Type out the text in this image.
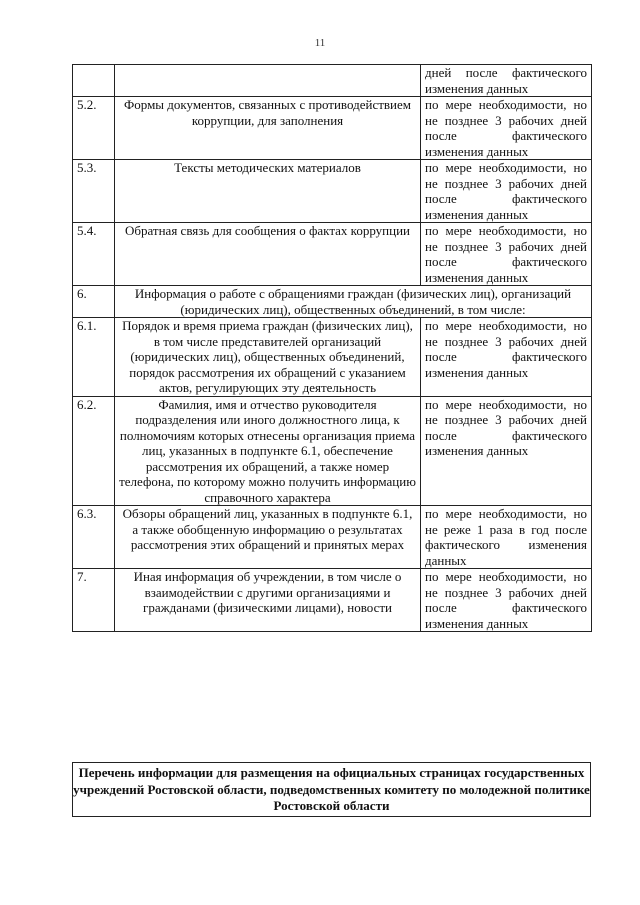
11
		дней после фактического изменения данных
5.2.	Формы документов, связанных с противодействием коррупции, для заполнения	по мере необходимости, но не позднее 3 рабочих дней после фактического изменения данных
5.3.	Тексты методических материалов	по мере необходимости, но не позднее 3 рабочих дней после фактического изменения данных
5.4.	Обратная связь для сообщения о фактах коррупции	по мере необходимости, но не позднее 3 рабочих дней после фактического изменения данных
6.	Информация о работе с обращениями граждан (физических лиц), организаций (юридических лиц), общественных объединений, в том числе:	
6.1.	Порядок и время приема граждан (физических лиц), в том числе представителей организаций (юридических лиц), общественных объединений, порядок рассмотрения их обращений с указанием актов, регулирующих эту деятельность	по мере необходимости, но не позднее 3 рабочих дней после фактического изменения данных
6.2.	Фамилия, имя и отчество руководителя подразделения или иного должностного лица, к полномочиям которых отнесены организация приема лиц, указанных в подпункте 6.1, обеспечение рассмотрения их обращений, а также номер телефона, по которому можно получить информацию справочного характера	по мере необходимости, но не позднее 3 рабочих дней после фактического изменения данных
6.3.	Обзоры обращений лиц, указанных в подпункте 6.1, а также обобщенную информацию о результатах рассмотрения этих обращений и принятых мерах	по мере необходимости, но не реже 1 раза в год после фактического изменения данных
7.	Иная информация об учреждении, в том числе о взаимодействии с другими организациями и гражданами (физическими лицами), новости	по мере необходимости, но не позднее 3 рабочих дней после фактического изменения данных
Перечень информации для размещения на официальных страницах государственных учреждений Ростовской области, подведомственных комитету по молодежной политике Ростовской области
